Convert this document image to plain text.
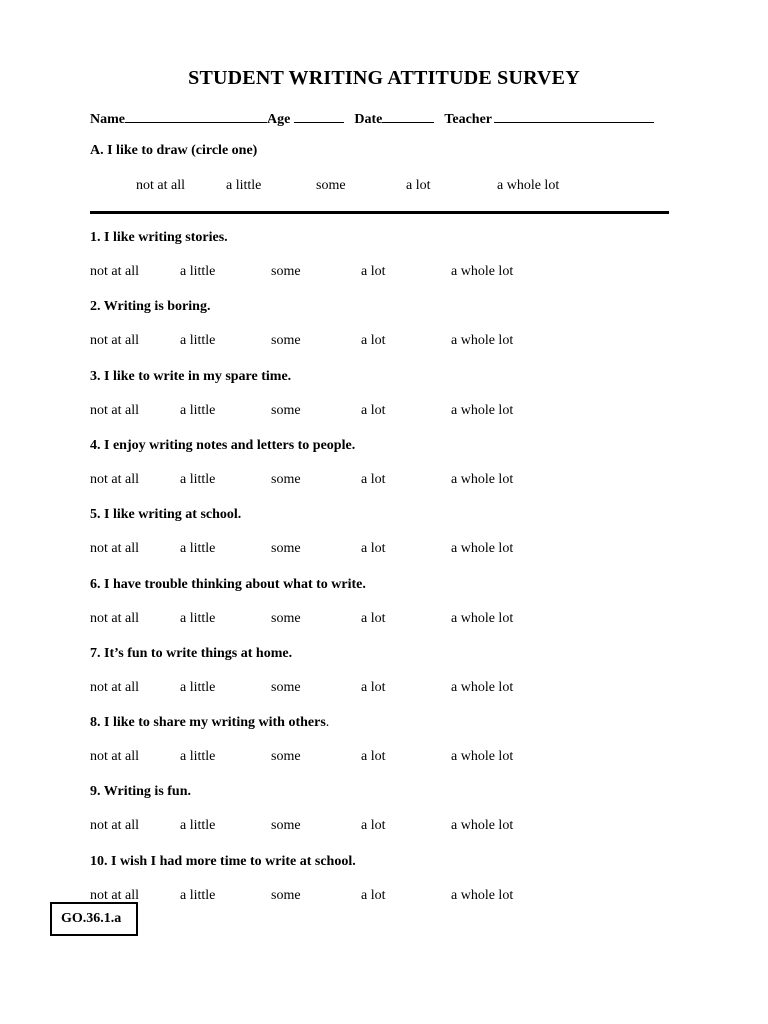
STUDENT WRITING ATTITUDE SURVEY
Name	Age	Date	Teacher
A. I like to draw (circle one)
not at all	a little	some	a lot	a whole lot
1. I like writing stories.
not at all	a little	some	a lot	a whole lot
2. Writing is boring.
not at all	a little	some	a lot	a whole lot
3. I like to write in my spare time.
not at all	a little	some	a lot	a whole lot
4. I enjoy writing notes and letters to people.
not at all	a little	some	a lot	a whole lot
5. I like writing at school.
not at all	a little	some	a lot	a whole lot
6. I have trouble thinking about what to write.
not at all	a little	some	a lot	a whole lot
7. It’s fun to write things at home.
not at all	a little	some	a lot	a whole lot
8. I like to share my writing with others.
not at all	a little	some	a lot	a whole lot
9. Writing is fun.
not at all	a little	some	a lot	a whole lot
10. I wish I had more time to write at school.
not at all	a little	some	a lot	a whole lot
GO.36.1.a
